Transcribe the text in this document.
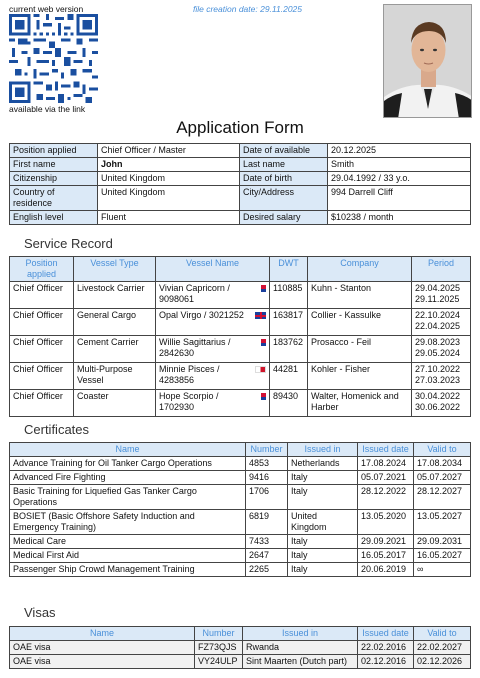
current web version
available via the link
file creation date: 29.11.2025
Application Form
Position applied	Chief Officer / Master	Date of available	20.12.2025
First name	John	Last name	Smith
Citizenship	United Kingdom	Date of birth	29.04.1992 / 33 y.o.
Country of residence	United Kingdom	City/Address	994 Darrell Cliff
English level	Fluent	Desired salary	$10238 / month
Service Record
Position applied	Vessel Type	Vessel Name	DWT	Company	Period
Chief Officer	Livestock Carrier	Vivian Capricorn / 9098061	110885	Kuhn - Stanton	29.04.2025
29.11.2025

Chief Officer	General Cargo	Opal Virgo / 3021252	163817	Collier - Kassulke	22.10.2024
22.04.2025

Chief Officer	Cement Carrier	Willie Sagittarius / 2842630	183762	Prosacco - Feil	29.08.2023
29.05.2024

Chief Officer	Multi-Purpose Vessel	Minnie Pisces / 4283856	44281	Kohler - Fisher	27.10.2022
27.03.2023

Chief Officer	Coaster	Hope Scorpio / 1702930	89430	Walter, Homenick and Harber	30.04.2022
30.06.2022
Certificates
Name	Number	Issued in	Issued date	Valid to
Advance Training for Oil Tanker Cargo Operations	4853	Netherlands	17.08.2024	17.08.2034
Advanced Fire Fighting	9416	Italy	05.07.2021	05.07.2027
Basic Training for Liquefied Gas Tanker Cargo Operations	1706	Italy	28.12.2022	28.12.2027
BOSIET (Basic Offshore Safety Induction and Emergency Training)	6819	United Kingdom	13.05.2020	13.05.2027
Medical Care	7433	Italy	29.09.2021	29.09.2031
Medical First Aid	2647	Italy	16.05.2017	16.05.2027
Passenger Ship Crowd Management Training	2265	Italy	20.06.2019	∞
Visas
Name	Number	Issued in	Issued date	Valid to
OAE visa	FZ73QJS	Rwanda	22.02.2016	22.02.2027
OAE visa	VY24ULP	Sint Maarten (Dutch part)	02.12.2016	02.12.2026
